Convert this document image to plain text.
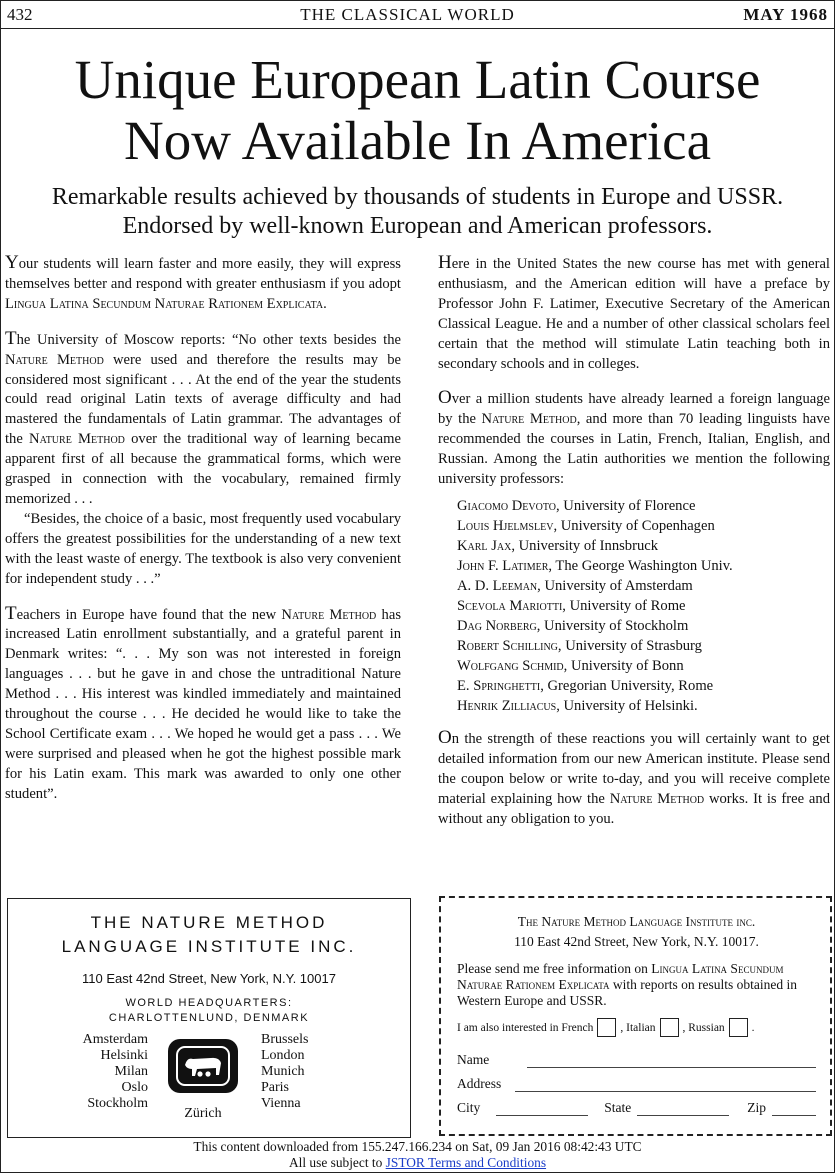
432	THE CLASSICAL WORLD	MAY 1968
Unique European Latin Course
Now Available In America
Remarkable results achieved by thousands of students in Europe and USSR.
Endorsed by well-known European and American professors.

Your students will learn faster and more easily, they will express themselves better and respond with greater enthusiasm if you adopt Lingua Latina Secundum Naturae Rationem Explicata.

The University of Moscow reports: “No other texts besides the Nature Method were used and therefore the results may be considered most significant . . . At the end of the year the students could read original Latin texts of average difficulty and had mastered the fundamentals of Latin grammar. The advantages of the Nature Method over the traditional way of learning became apparent first of all because the grammatical forms, which were grasped in connection with the vocabulary, remained firmly memorized . . .

“Besides, the choice of a basic, most frequently used vocabulary offers the greatest possibilities for the understanding of a new text with the least waste of energy. The textbook is also very convenient for independent study . . .”

Teachers in Europe have found that the new Nature Method has increased Latin enrollment substantially, and a grateful parent in Denmark writes: “. . . My son was not interested in foreign languages . . . but he gave in and chose the untraditional Nature Method . . . His interest was kindled immediately and maintained throughout the course . . . He decided he would like to take the School Certificate exam . . . We hoped he would get a pass . . . We were surprised and pleased when he got the highest possible mark for his Latin exam. This mark was awarded to only one other student”.

Here in the United States the new course has met with general enthusiasm, and the American edition will have a preface by Professor John F. Latimer, Executive Secretary of the American Classical League. He and a number of other classical scholars feel certain that the method will stimulate Latin teaching both in secondary schools and in colleges.

Over a million students have already learned a foreign language by the Nature Method, and more than 70 leading linguists have recommended the courses in Latin, French, Italian, English, and Russian. Among the Latin authorities we mention the following university professors:

Giacomo Devoto, University of Florence
Louis Hjelmslev, University of Copenhagen
Karl Jax, University of Innsbruck
John F. Latimer, The George Washington Univ.
A. D. Leeman, University of Amsterdam
Scevola Mariotti, University of Rome
Dag Norberg, University of Stockholm
Robert Schilling, University of Strasburg
Wolfgang Schmid, University of Bonn
E. Springhetti, Gregorian University, Rome
Henrik Zilliacus, University of Helsinki.

On the strength of these reactions you will certainly want to get detailed information from our new American institute. Please send the coupon below or write to-day, and you will receive complete material explaining how the Nature Method works. It is free and without any obligation to you.

THE NATURE METHOD
LANGUAGE INSTITUTE INC.
110 East 42nd Street, New York, N.Y. 10017
WORLD HEADQUARTERS:
CHARLOTTENLUND, DENMARK
Amsterdam
Helsinki
Milan
Oslo
Stockholm
Brussels
London
Munich
Paris
Vienna
Zürich
The Nature Method Language Institute inc.
110 East 42nd Street, New York, N.Y. 10017.
Please send me free information on Lingua Latina Secundum Naturae Rationem Explicata with reports on results obtained in Western Europe and USSR.
I am also interested in French , Italian , Russian .
Name
Address
City	State	Zip
This content downloaded from 155.247.166.234 on Sat, 09 Jan 2016 08:42:43 UTC
All use subject to JSTOR Terms and Conditions
